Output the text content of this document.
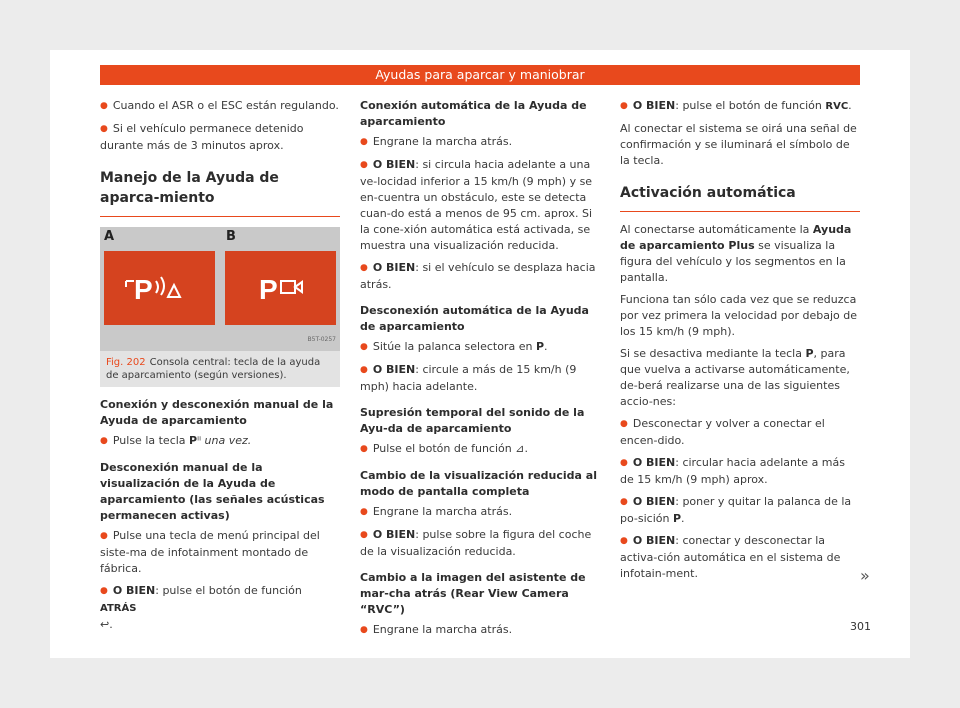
Ayudas para aparcar y maniobrar

● Cuando el ASR o el ESC están regulando.

● Si el vehículo permanece detenido durante más de 3 minutos aprox.

Manejo de la Ayuda de aparca-miento
A	B
P	P
B5T-0257
Fig. 202 Consola central: tecla de la ayuda de aparcamiento (según versiones).
Conexión y desconexión manual de la Ayuda de aparcamiento

● Pulse la tecla Pⁱⁱ una vez.

Desconexión manual de la visualización de la Ayuda de aparcamiento (las señales acústicas permanecen activas)

● Pulse una tecla de menú principal del siste-ma de infotainment montado de fábrica.

● O BIEN: pulse el botón de función ATRÁS
↩.

Conexión automática de la Ayuda de aparcamiento

● Engrane la marcha atrás.

● O BIEN: si circula hacia adelante a una ve-locidad inferior a 15 km/h (9 mph) y se en-cuentra un obstáculo, este se detecta cuan-do está a menos de 95 cm. aprox. Si la cone-xión automática está activada, se muestra una visualización reducida.

● O BIEN: si el vehículo se desplaza hacia atrás.

Desconexión automática de la Ayuda de aparcamiento

● Sitúe la palanca selectora en P.

● O BIEN: circule a más de 15 km/h (9 mph) hacia adelante.

Supresión temporal del sonido de la Ayu-da de aparcamiento

● Pulse el botón de función ⊿.

Cambio de la visualización reducida al modo de pantalla completa

● Engrane la marcha atrás.

● O BIEN: pulse sobre la figura del coche de la visualización reducida.

Cambio a la imagen del asistente de mar-cha atrás (Rear View Camera “RVC”)

● Engrane la marcha atrás.

● O BIEN: pulse el botón de función RVC.

Al conectar el sistema se oirá una señal de confirmación y se iluminará el símbolo de la tecla.

Activación automática

Al conectarse automáticamente la Ayuda de aparcamiento Plus se visualiza la figura del vehículo y los segmentos en la pantalla.

Funciona tan sólo cada vez que se reduzca por vez primera la velocidad por debajo de los 15 km/h (9 mph).

Si se desactiva mediante la tecla P, para que vuelva a activarse automáticamente, de-berá realizarse una de las siguientes accio-nes:

● Desconectar y volver a conectar el encen-dido.

● O BIEN: circular hacia adelante a más de 15 km/h (9 mph) aprox.

● O BIEN: poner y quitar la palanca de la po-sición P.

● O BIEN: conectar y desconectar la activa-ción automática en el sistema de infotain-ment.	»
301
